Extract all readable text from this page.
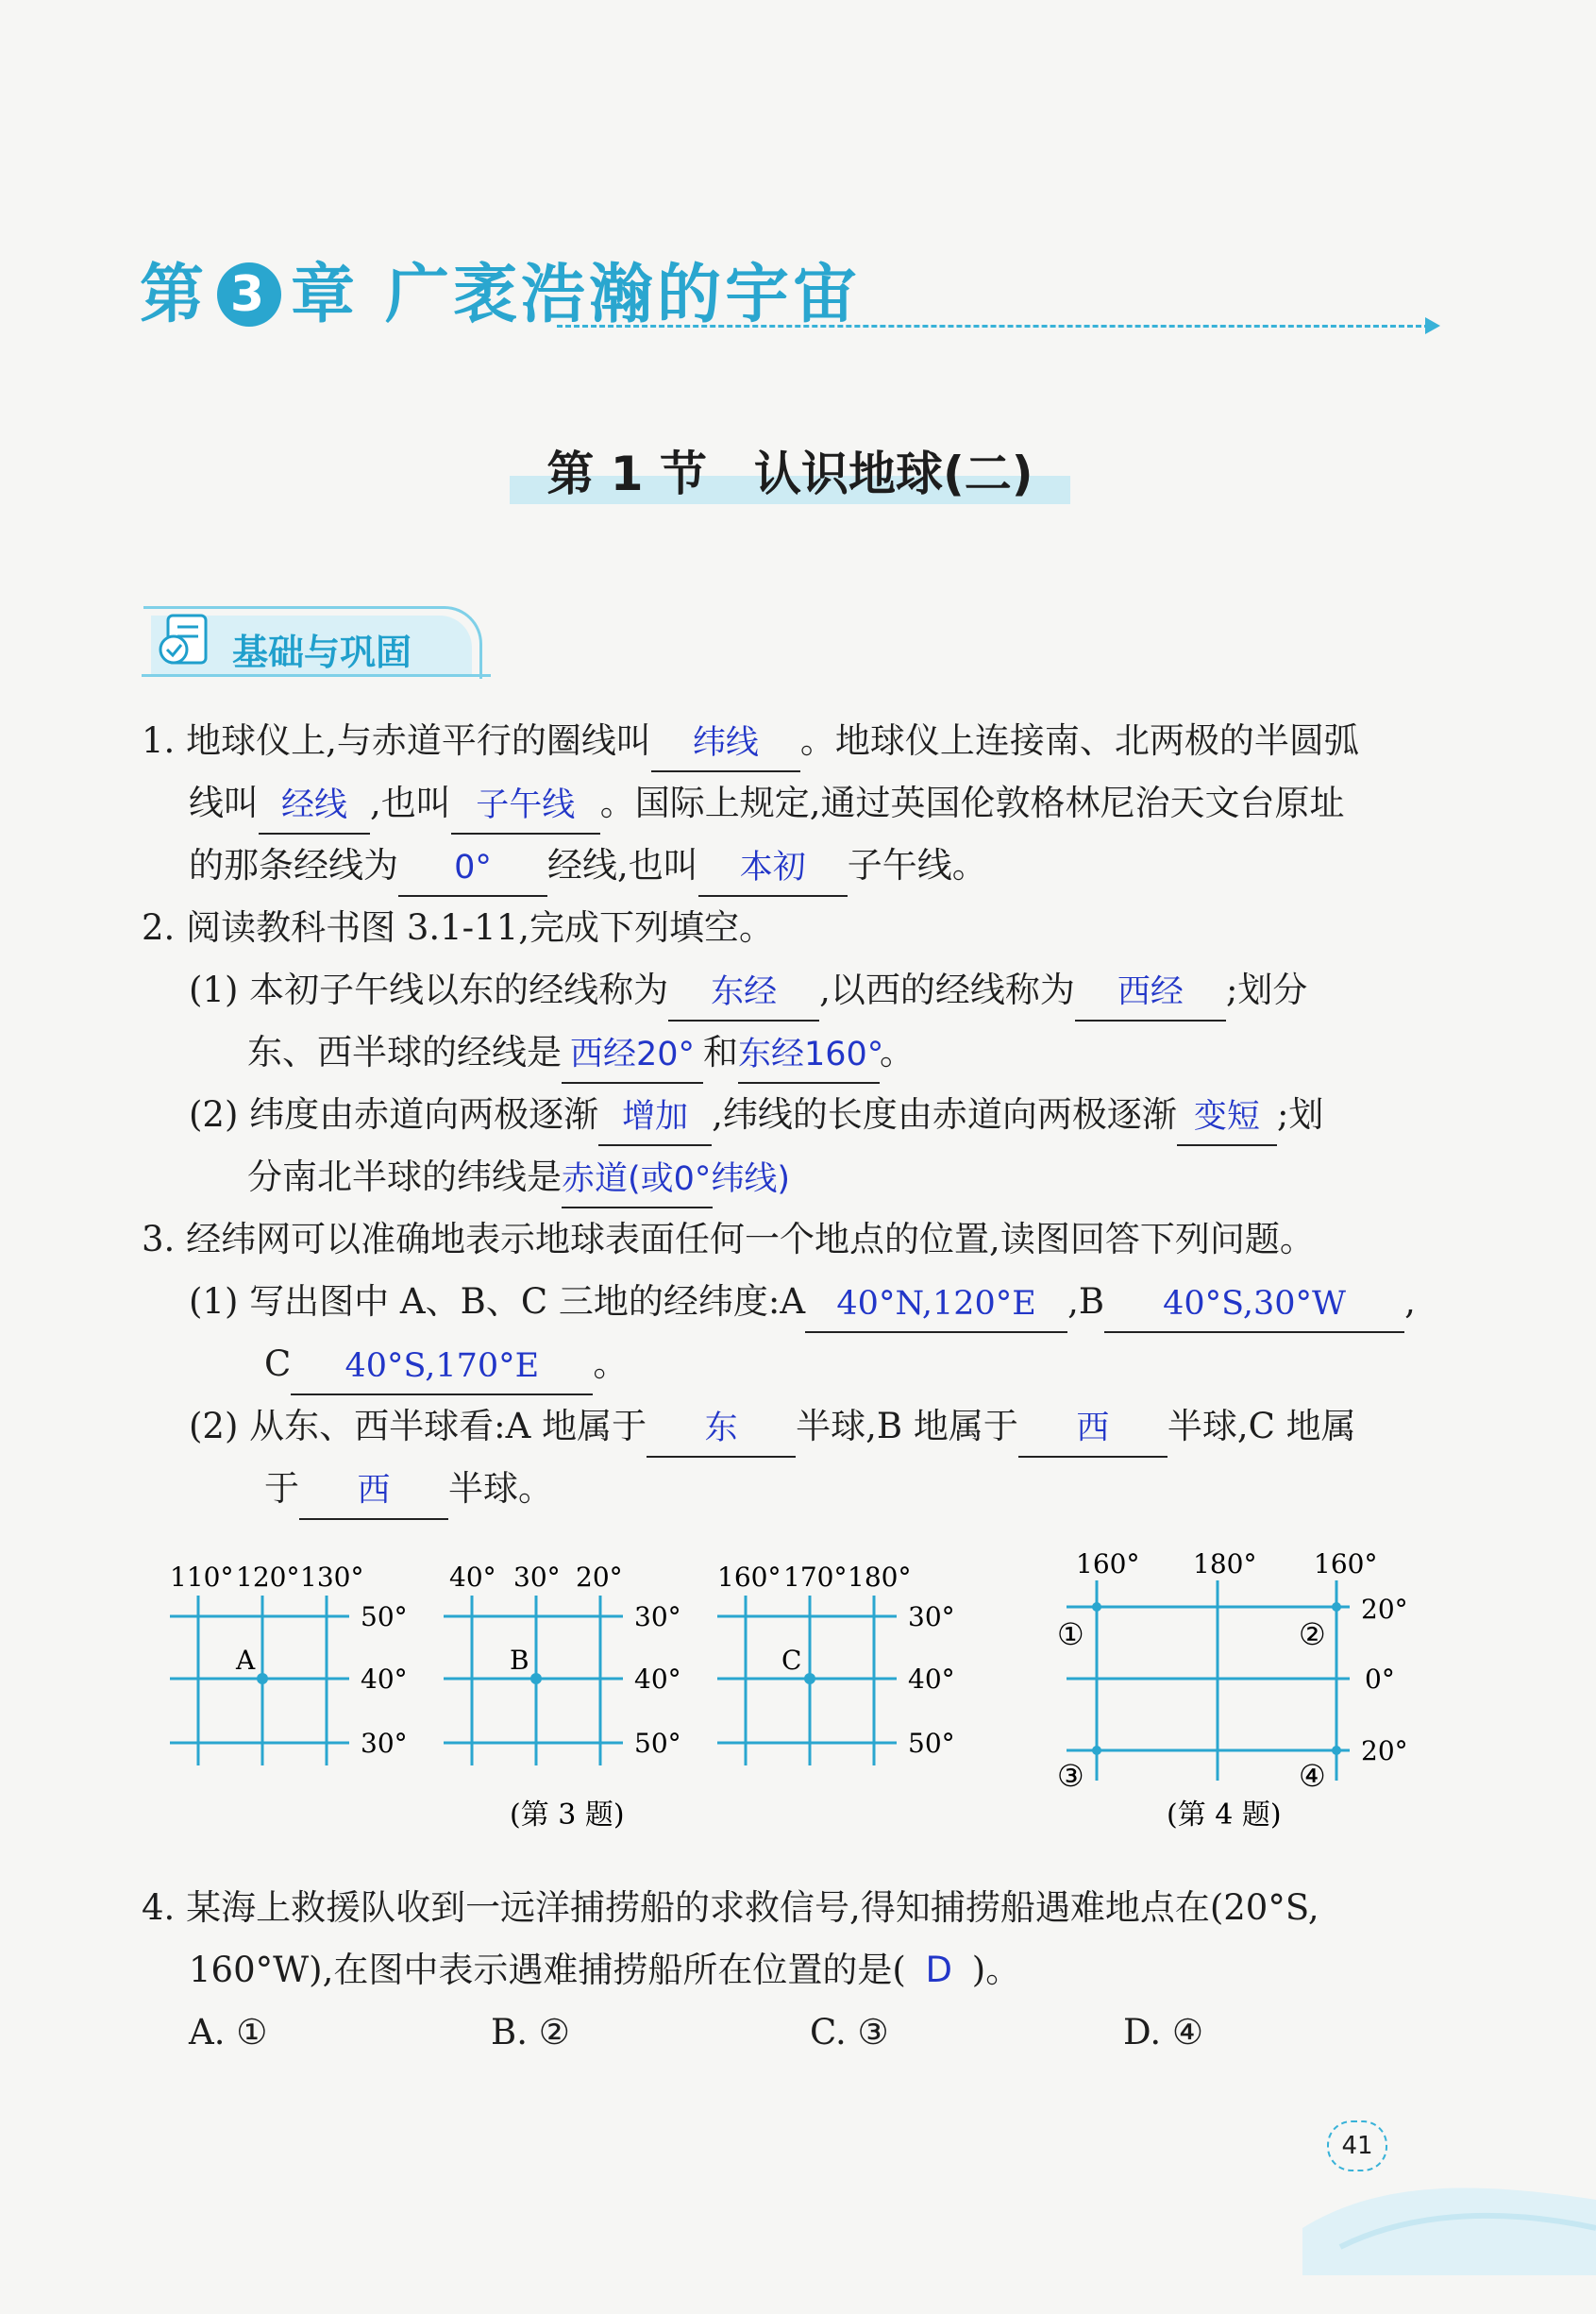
第 3 章 广袤浩瀚的宇宙
第 1 节　认识地球(二)
基础与巩固
1. 地球仪上,与赤道平行的圈线叫	纬线	。地球仪上连接南、北两极的半圆弧
线叫 经线 ,也叫 子午线 。国际上规定,通过英国伦敦格林尼治天文台原址
的那条经线为	0°	经线,也叫	本初	子午线。
2. 阅读教科书图 3.1-11,完成下列填空。
(1) 本初子午线以东的经线称为	东经	,以西的经线称为	西经	;划分
东、西半球的经线是 西经20° 和 东经160°
。
(2) 纬度由赤道向两极逐渐 增加 ,纬线的长度由赤道向两极逐渐 变短 ;划
分南北半球的纬线是 赤道(或0°纬线)
3. 经纬网可以准确地表示地球表面任何一个地点的位置,读图回答下列问题。
(1) 写出图中 A、B、C 三地的经纬度:A 40°N,120°E ,B	40°S,30°W	,
C	40°S,170°E	。
(2) 从东、西半球看:A 地属于	东	半球,B 地属于	西	半球,C 地属
于	西	半球。
110° 120° 130°
50°
40°
30°
A
40° 30° 20°
30°
40°
50°
B
160° 170° 180°
30°
40°
50°
C
(第 3 题)
160° 180° 160°
20°
0°
20°
①	②
③	④
(第 4 题)
4. 某海上救援队收到一远洋捕捞船的求救信号,得知捕捞船遇难地点在(20°S,
160°W),在图中表示遇难捕捞船所在位置的是( D )。
A. ①	B. ②	C. ③	D. ④
41
